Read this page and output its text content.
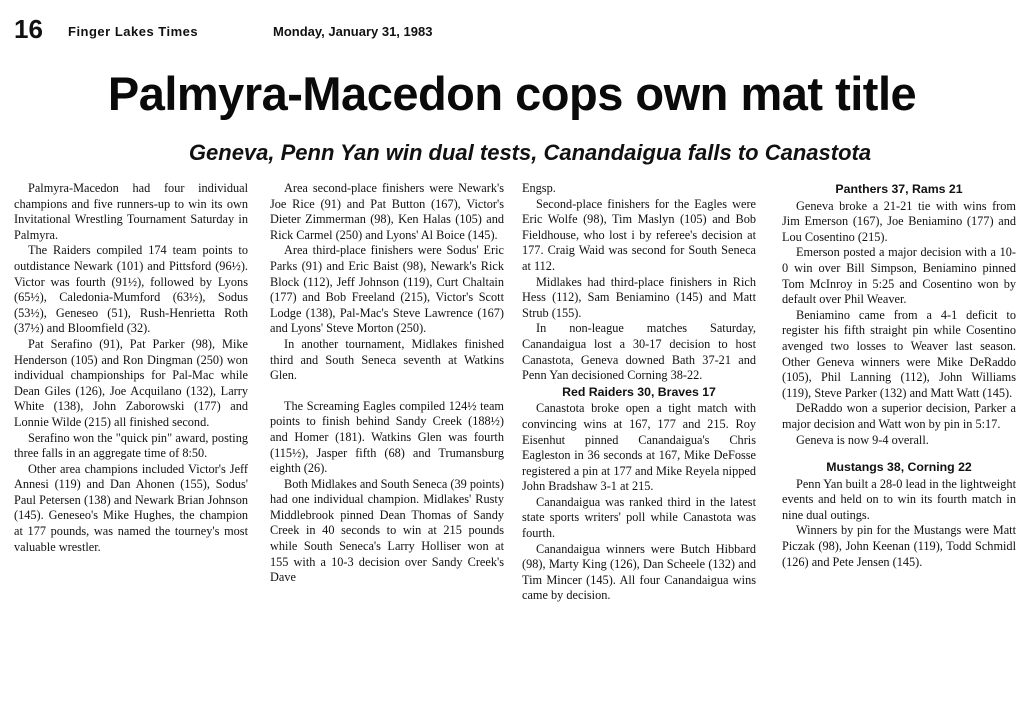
16 Finger Lakes Times	Monday, January 31, 1983
Palmyra-Macedon cops own mat title
Geneva, Penn Yan win dual tests, Canandaigua falls to Canastota

Palmyra-Macedon had four individual champions and five runners-up to win its own Invitational Wrestling Tournament Saturday in Palmyra.

The Raiders compiled 174 team points to outdistance Newark (101) and Pittsford (96½). Victor was fourth (91½), followed by Lyons (65½), Caledonia-Mumford (63½), Sodus (53½), Geneseo (51), Rush-Henrietta Roth (37½) and Bloomfield (32).

Pat Serafino (91), Pat Parker (98), Mike Henderson (105) and Ron Dingman (250) won individual championships for Pal-Mac while Dean Giles (126), Joe Acquilano (132), Larry White (138), John Zaborowski (177) and Lonnie Wilde (215) all finished second.

Serafino won the "quick pin" award, posting three falls in an aggregate time of 8:50.

Other area champions included Victor's Jeff Annesi (119) and Dan Ahonen (155), Sodus' Paul Petersen (138) and Newark Brian Johnson (145). Geneseo's Mike Hughes, the champion at 177 pounds, was named the tourney's most valuable wrestler.

Area second-place finishers were Newark's Joe Rice (91) and Pat Button (167), Victor's Dieter Zimmerman (98), Ken Halas (105) and Rick Carmel (250) and Lyons' Al Boice (145).

Area third-place finishers were Sodus' Eric Parks (91) and Eric Baist (98), Newark's Rick Block (112), Jeff Johnson (119), Curt Chaltain (177) and Bob Freeland (215), Victor's Scott Lodge (138), Pal-Mac's Steve Lawrence (167) and Lyons' Steve Morton (250).

In another tournament, Midlakes finished third and South Seneca seventh at Watkins Glen.

The Screaming Eagles compiled 124½ team points to finish behind Sandy Creek (188½) and Homer (181). Watkins Glen was fourth (115½), Jasper fifth (68) and Trumansburg eighth (26).

Both Midlakes and South Seneca (39 points) had one individual champion. Midlakes' Rusty Middlebrook pinned Dean Thomas of Sandy Creek in 40 seconds to win at 215 pounds while South Seneca's Larry Holliser won at 155 with a 10-3 decision over Sandy Creek's Dave

Engsp.

Second-place finishers for the Eagles were Eric Wolfe (98), Tim Maslyn (105) and Bob Fieldhouse, who lost i by referee's decision at 177. Craig Waid was second for South Seneca at 112.

Midlakes had third-place finishers in Rich Hess (112), Sam Beniamino (145) and Matt Strub (155).

In non-league matches Saturday, Canandaigua lost a 30-17 decision to host Canastota, Geneva downed Bath 37-21 and Penn Yan decisioned Corning 38-22.

Red Raiders 30, Braves 17

Canastota broke open a tight match with convincing wins at 167, 177 and 215. Roy Eisenhut pinned Canandaigua's Chris Eagleston in 36 seconds at 167, Mike DeFosse registered a pin at 177 and Mike Reyela nipped John Bradshaw 3-1 at 215.

Canandaigua was ranked third in the latest state sports writers' poll while Canastota was fourth.

Canandaigua winners were Butch Hibbard (98), Marty King (126), Dan Scheele (132) and Tim Mincer (145). All four Canandaigua wins came by decision.

Panthers 37, Rams 21

Geneva broke a 21-21 tie with wins from Jim Emerson (167), Joe Beniamino (177) and Lou Cosentino (215).

Emerson posted a major decision with a 10-0 win over Bill Simpson, Beniamino pinned Tom McInroy in 5:25 and Cosentino won by default over Phil Weaver.

Beniamino came from a 4-1 deficit to register his fifth straight pin while Cosentino avenged two losses to Weaver last season. Other Geneva winners were Mike DeRaddo (105), Phil Lanning (112), John Williams (119), Steve Parker (132) and Matt Watt (145).

DeRaddo won a superior decision, Parker a major decision and Watt won by pin in 5:17.

Geneva is now 9-4 overall.

Mustangs 38, Corning 22

Penn Yan built a 28-0 lead in the lightweight events and held on to win its fourth match in nine dual outings.

Winners by pin for the Mustangs were Matt Piczak (98), John Keenan (119), Todd Schmidl (126) and Pete Jensen (145).
